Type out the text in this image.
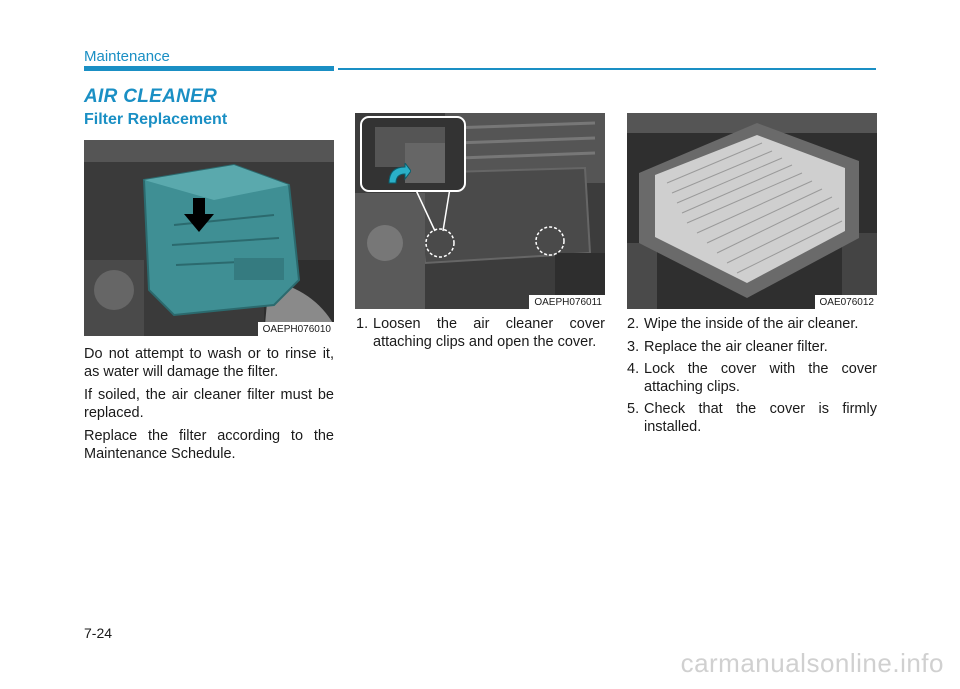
Maintenance
AIR CLEANER
Filter Replacement
OAEPH076010
OAEPH076011	OAE076012

Do not attempt to wash or to rinse it, as water will damage the filter.

If soiled, the air cleaner filter must be replaced.

Replace the filter according to the Maintenance Schedule.

1. Loosen the air cleaner cover attaching clips and open the cover.
2. Wipe the inside of the air cleaner.
3. Replace the air cleaner filter.
4. Lock the cover with the cover attaching clips.
5. Check that the cover is firmly installed.
7-24
carmanualsonline.info
